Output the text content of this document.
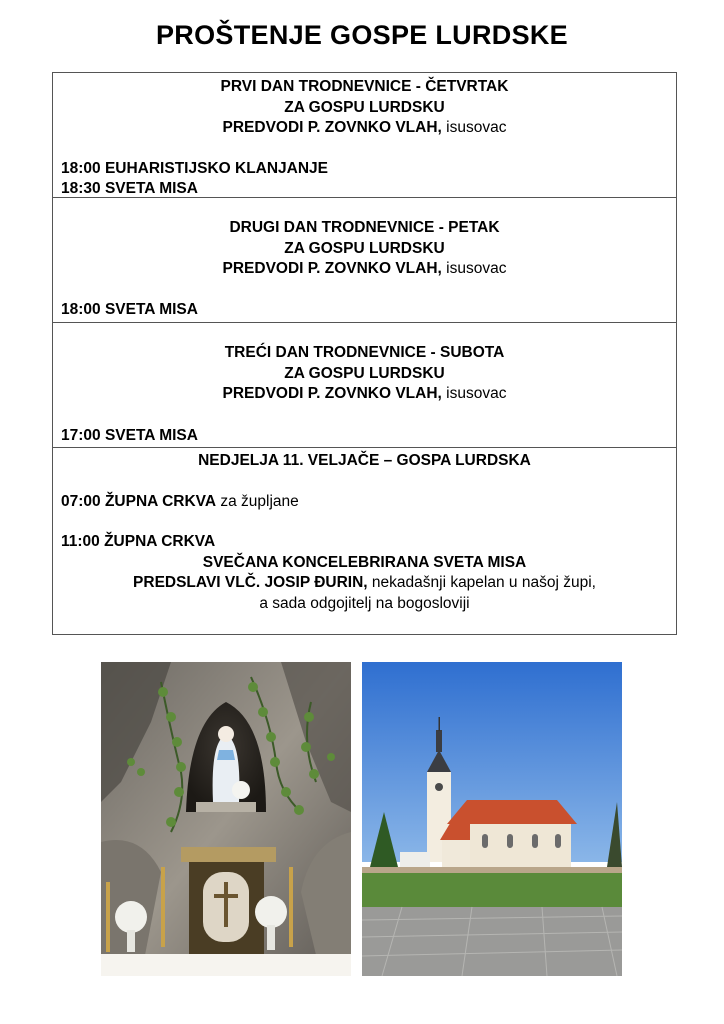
PROŠTENJE GOSPE LURDSKE
PRVI DAN TRODNEVNICE - ČETVRTAK
ZA GOSPU LURDSKU
PREDVODI P. ZOVNKO VLAH, isusovac
18:00 EUHARISTIJSKO KLANJANJE
18:30 SVETA MISA
DRUGI DAN TRODNEVNICE - PETAK
ZA GOSPU LURDSKU
PREDVODI P. ZOVNKO VLAH, isusovac
18:00 SVETA MISA
TREĆI DAN TRODNEVNICE - SUBOTA
ZA GOSPU LURDSKU
PREDVODI P. ZOVNKO VLAH, isusovac
17:00 SVETA MISA
NEDJELJA 11. VELJAČE – GOSPA LURDSKA
07:00 ŽUPNA CRKVA za župljane
11:00 ŽUPNA CRKVA
SVEČANA KONCELEBRIRANA SVETA MISA
PREDSLAVI VLČ. JOSIP ĐURIN, nekadašnji kapelan u našoj župi,
a sada odgojitelj na bogosloviji
